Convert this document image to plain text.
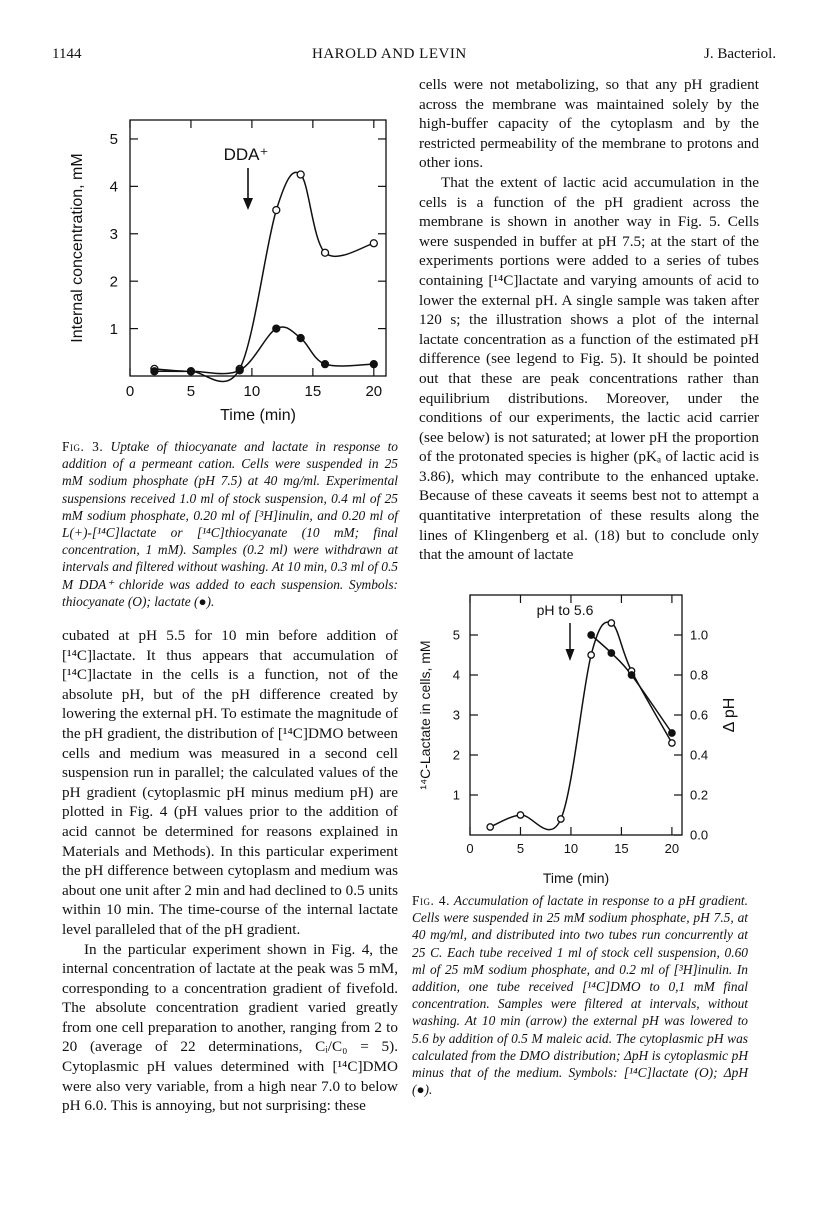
1144	HAROLD AND LEVIN	J. Bacteriol.
0	5	10	15	20
1
2
3
4
5
Internal concentration, mM
Time (min)
DDA⁺
Fig. 3. Uptake of thiocyanate and lactate in response to addition of a permeant cation. Cells were suspended in 25 mM sodium phosphate (pH 7.5) at 40 mg/ml. Experimental suspensions received 1.0 ml of stock suspension, 0.4 ml of 25 mM sodium phosphate, 0.20 ml of [³H]inulin, and 0.20 ml of L(+)-[¹⁴C]lactate or [¹⁴C]thiocyanate (10 mM; final concentration, 1 mM). Samples (0.2 ml) were withdrawn at intervals and filtered without washing. At 10 min, 0.3 ml of 0.5 M DDA⁺ chloride was added to each suspension. Symbols: thiocyanate (O); lactate (●).

cubated at pH 5.5 for 10 min before addition of [¹⁴C]lactate. It thus appears that accumulation of [¹⁴C]lactate in the cells is a function, not of the absolute pH, but of the pH difference created by lowering the external pH. To estimate the magnitude of the pH gradient, the distribution of [¹⁴C]DMO between cells and medium was measured in a second cell suspension run in parallel; the calculated values of the pH gradient (cytoplasmic pH minus medium pH) are plotted in Fig. 4 (pH values prior to the addition of acid cannot be determined for reasons explained in Materials and Methods). In this particular experiment the pH difference between cytoplasm and medium was about one unit after 2 min and had declined to 0.5 units within 10 min. The time-course of the internal lactate level paralleled that of the pH gradient.

In the particular experiment shown in Fig. 4, the internal concentration of lactate at the peak was 5 mM, corresponding to a concentration gradient of fivefold. The absolute concentration gradient varied greatly from one cell preparation to another, ranging from 2 to 20 (average of 22 determinations, Cᵢ/C₀ = 5). Cytoplasmic pH values determined with [¹⁴C]DMO were also very variable, from a high near 7.0 to below pH 6.0. This is annoying, but not surprising: these

cells were not metabolizing, so that any pH gradient across the membrane was maintained solely by the high-buffer capacity of the cytoplasm and by the restricted permeability of the membrane to protons and other ions.

That the extent of lactic acid accumulation in the cells is a function of the pH gradient across the membrane is shown in another way in Fig. 5. Cells were suspended in buffer at pH 7.5; at the start of the experiments portions were added to a series of tubes containing [¹⁴C]lactate and varying amounts of acid to lower the external pH. A single sample was taken after 120 s; the illustration shows a plot of the internal lactate concentration as a function of the estimated pH difference (see legend to Fig. 5). It should be pointed out that these are peak concentrations rather than equilibrium distributions. Moreover, under the conditions of our experiments, the lactic acid carrier (see below) is not saturated; at lower pH the proportion of the protonated species is higher (pKₐ of lactic acid is 3.86), which may contribute to the enhanced uptake. Because of these caveats it seems best not to attempt a quantitative interpretation of these results along the lines of Klingenberg et al. (18) but to conclude only that the amount of lactate

0	5	10	15	20
1
2
3
4
5
0.0
0.2
0.4
0.6
0.8
1.0
¹⁴C-Lactate in cells, mM	Δ pH
Time (min)
pH to 5.6
Fig. 4. Accumulation of lactate in response to a pH gradient. Cells were suspended in 25 mM sodium phosphate, pH 7.5, at 40 mg/ml, and distributed into two tubes run concurrently at 25 C. Each tube received 1 ml of stock cell suspension, 0.60 ml of 25 mM sodium phosphate, and 0.2 ml of [³H]inulin. In addition, one tube received [¹⁴C]DMO to 0,1 mM final concentration. Samples were filtered at intervals, without washing. At 10 min (arrow) the external pH was lowered to 5.6 by addition of 0.5 M maleic acid. The cytoplasmic pH was calculated from the DMO distribution; ΔpH is cytoplasmic pH minus that of the medium. Symbols: [¹⁴C]lactate (O); ΔpH (●).
